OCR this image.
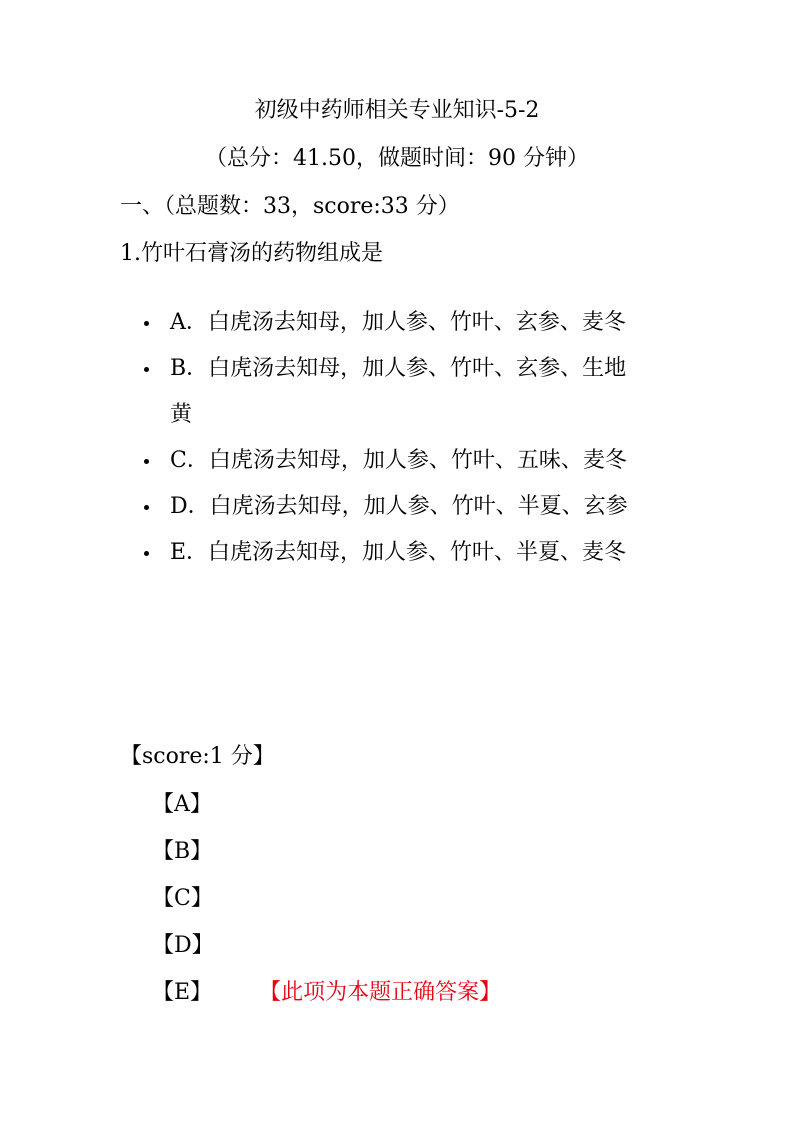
初级中药师相关专业知识-5-2
（总分：41.50，做题时间：90 分钟）
一、（总题数：33，score:33 分）
1.竹叶石膏汤的药物组成是
A．白虎汤去知母，加人参、竹叶、玄参、麦冬
B．白虎汤去知母，加人参、竹叶、玄参、生地
黄
C．白虎汤去知母，加人参、竹叶、五味、麦冬
D．白虎汤去知母，加人参、竹叶、半夏、玄参
E．白虎汤去知母，加人参、竹叶、半夏、麦冬
【score:1 分】
【A】
【B】
【C】
【D】
【E】 【此项为本题正确答案】
